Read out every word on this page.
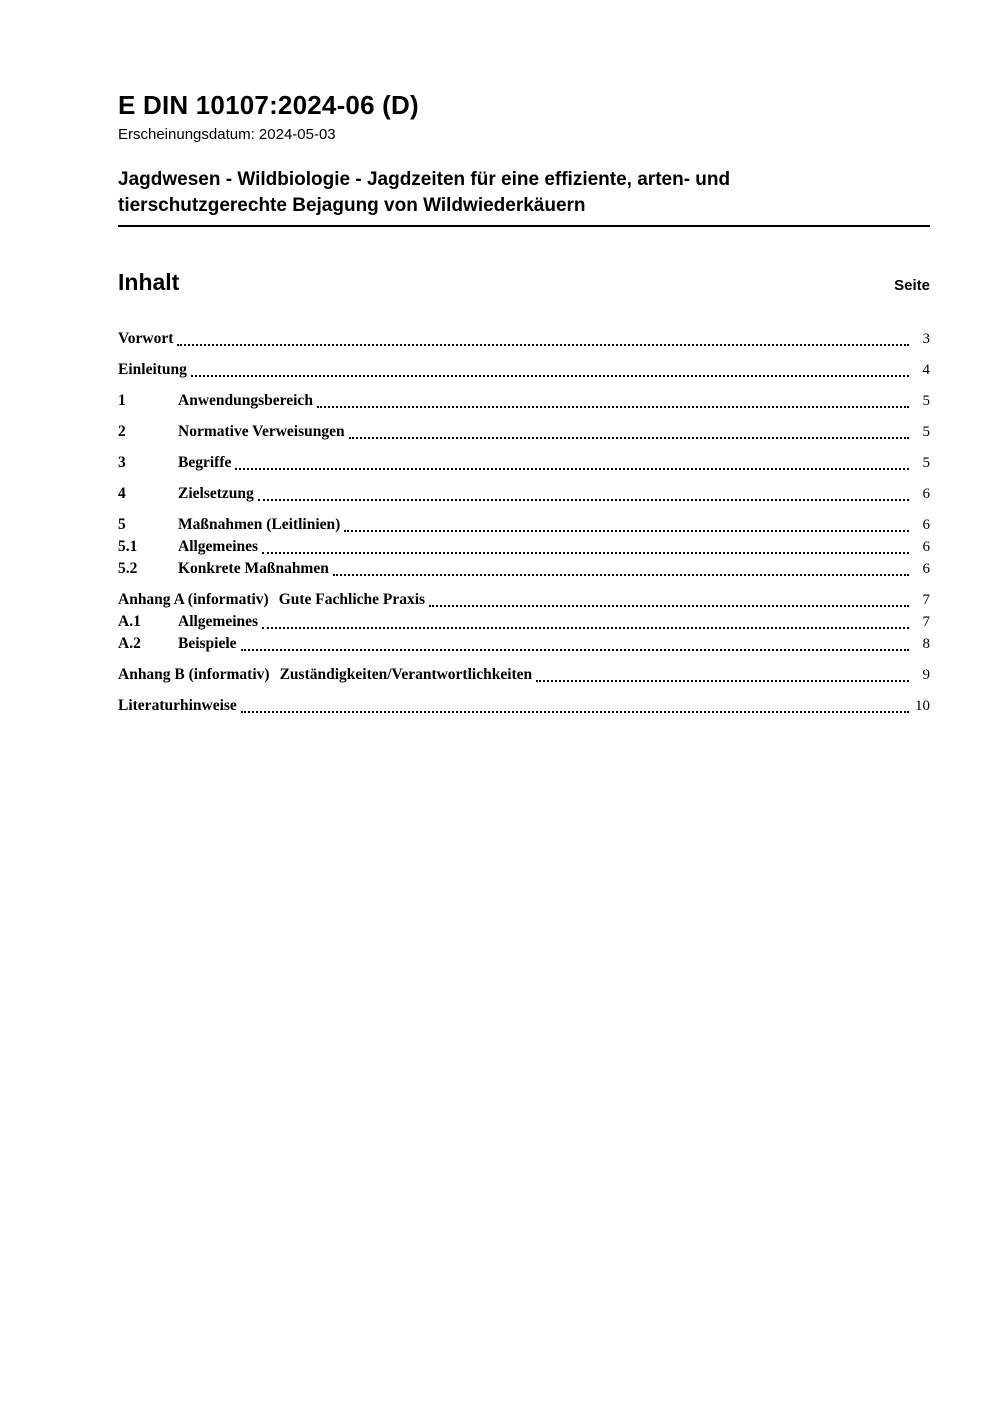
E DIN 10107:2024-06 (D)
Erscheinungsdatum: 2024-05-03
Jagdwesen - Wildbiologie - Jagdzeiten für eine effiziente, arten- und tierschutzgerechte Bejagung von Wildwiederkäuern
Inhalt	Seite
Vorwort	3
Einleitung	4
1	Anwendungsbereich	5
2	Normative Verweisungen	5
3	Begriffe	5
4	Zielsetzung	6
5	Maßnahmen (Leitlinien)	6
5.1	Allgemeines	6
5.2	Konkrete Maßnahmen	6
Anhang A (informativ) Gute Fachliche Praxis	7
A.1	Allgemeines	7
A.2	Beispiele	8
Anhang B (informativ) Zuständigkeiten/Verantwortlichkeiten	9
Literaturhinweise	10
